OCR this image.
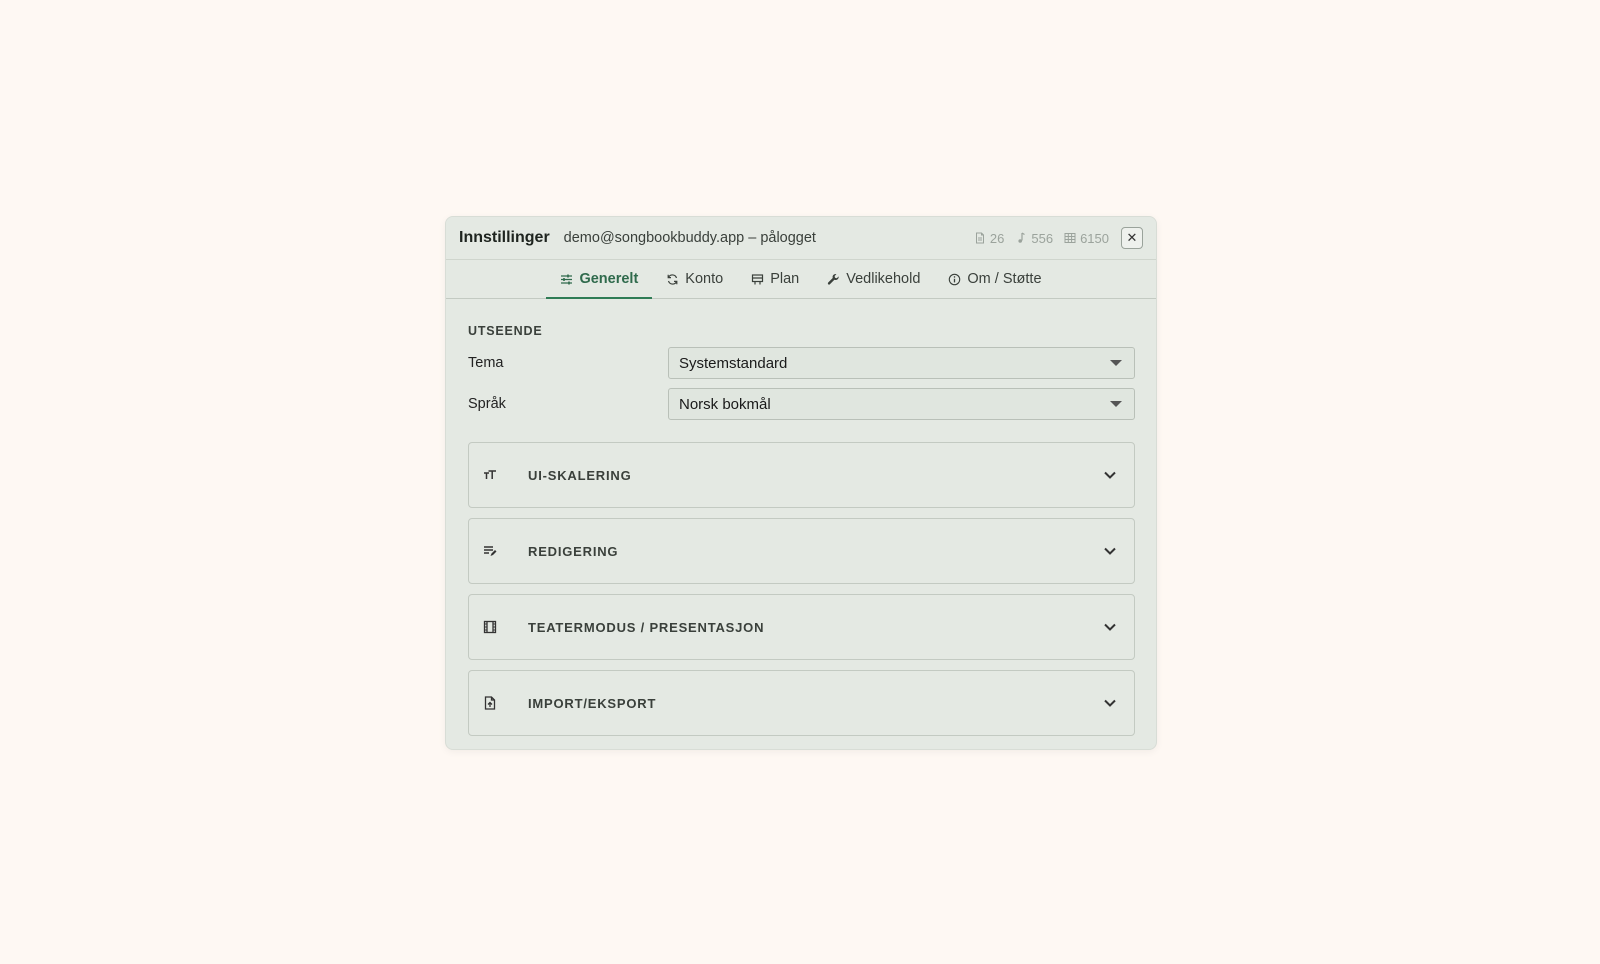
Innstillinger demo@songbookbuddy.app – pålogget	26 556 6150	✕
Generelt	Konto	Plan	Vedlikehold	Om / Støtte
UTSEENDE
Tema	Systemstandard
Språk	Norsk bokmål
UI-SKALERING
REDIGERING
TEATERMODUS / PRESENTASJON
IMPORT/EKSPORT
